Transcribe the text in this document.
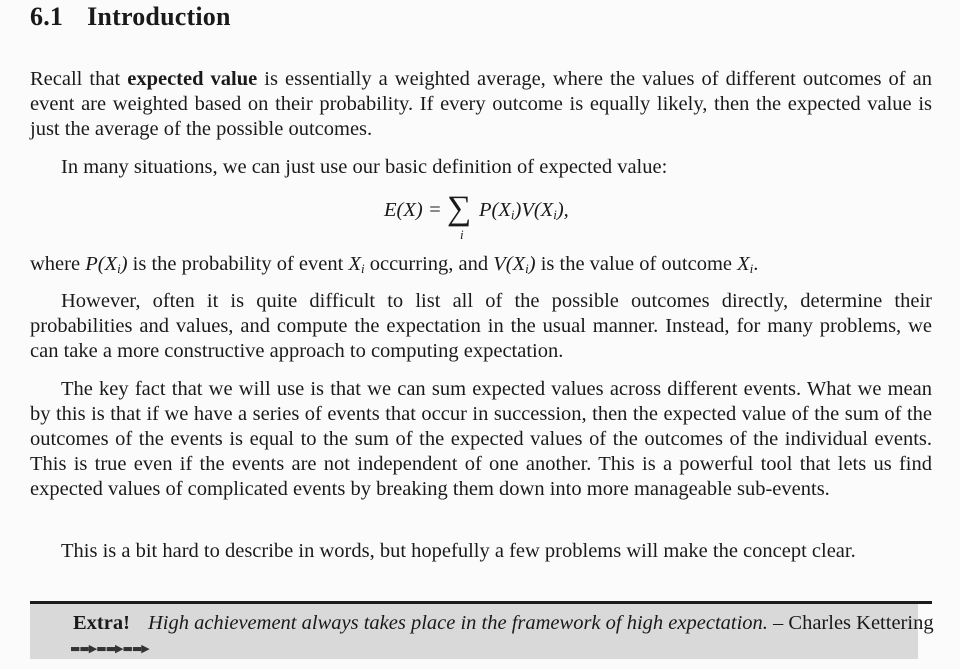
6.1 Introduction

Recall that expected value is essentially a weighted average, where the values of different outcomes of an event are weighted based on their probability. If every outcome is equally likely, then the expected value is just the average of the possible outcomes.

In many situations, we can just use our basic definition of expected value:

E(X) = ∑
i
$P(X_i)V(X_i)$,

where $P(X_i)$ is the probability of event $X_i$ occurring, and $V(X_i)$ is the value of outcome $X_i$.

However, often it is quite difficult to list all of the possible outcomes directly, determine their probabilities and values, and compute the expectation in the usual manner. Instead, for many problems, we can take a more constructive approach to computing expectation.

The key fact that we will use is that we can sum expected values across different events. What we mean by this is that if we have a series of events that occur in succession, then the expected value of the sum of the outcomes of the events is equal to the sum of the expected values of the outcomes of the individual events. This is true even if the events are not independent of one another. This is a powerful tool that lets us find expected values of complicated events by breaking them down into more manageable sub-events.

This is a bit hard to describe in words, but hopefully a few problems will make the concept clear.

Extra! High achievement always takes place in the framework of high expectation. – Charles Kettering
▬▬▶▬▬▶▬▬▶
